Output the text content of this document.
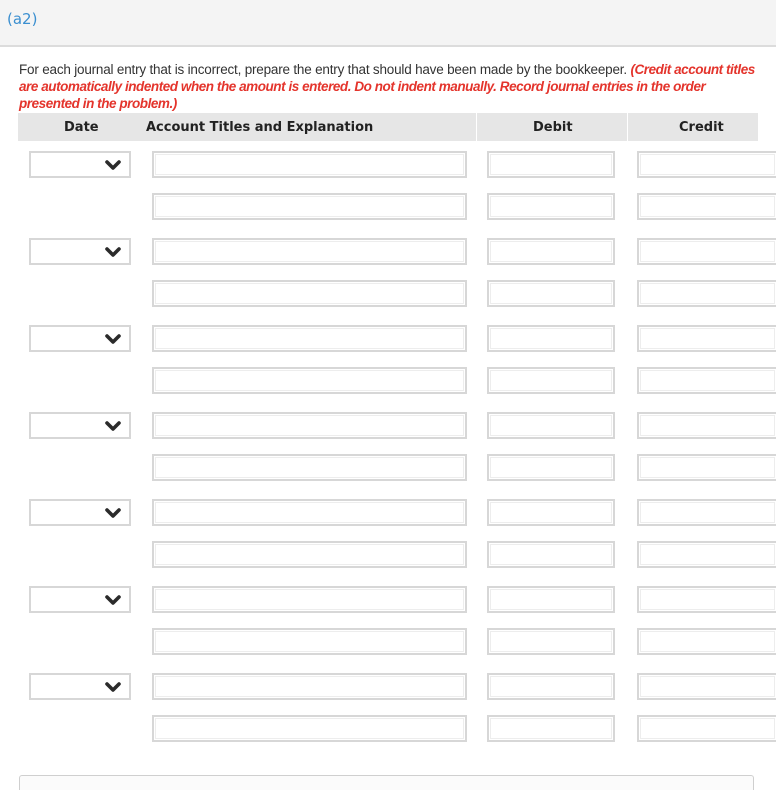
(a2)
For each journal entry that is incorrect, prepare the entry that should have been made by the bookkeeper. (Credit account titles are automatically indented when the amount is entered. Do not indent manually. Record journal entries in the order presented in the problem.)
Date	Account Titles and Explanation	Debit	Credit
